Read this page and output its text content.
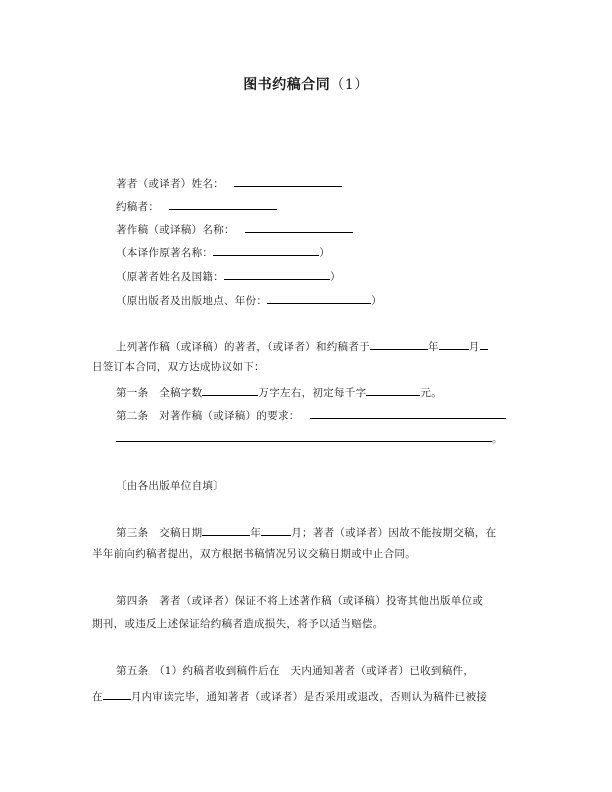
图书约稿合同（1）
著者（或译者）姓名：
约稿者：
著作稿（或译稿）名称：
（本译作原著名称：	）
（原著者姓名及国籍：	）
（原出版者及出版地点、年份：	）
上列著作稿（或译稿）的著者，（或译者）和约稿者于	年	月
日签订本合同，双方达成协议如下：
第一条　全稿字数	万字左右，初定每千字	元。
第二条　对著作稿（或译稿）的要求：
。
〔由各出版单位自填〕
第三条　交稿日期	年	月；著者（或译者）因故不能按期交稿，在
半年前向约稿者提出，双方根据书稿情况另议交稿日期或中止合同。
第四条　著者（或译者）保证不将上述著作稿（或译稿）投寄其他出版单位或
期刊，或违反上述保证给约稿者造成损失，将予以适当赔偿。
第五条　（1）约稿者收到稿件后在　天内通知著者（或译者）已收到稿件，
在	月内审读完毕，通知著者（或译者）是否采用或退改，否则认为稿件已被接
